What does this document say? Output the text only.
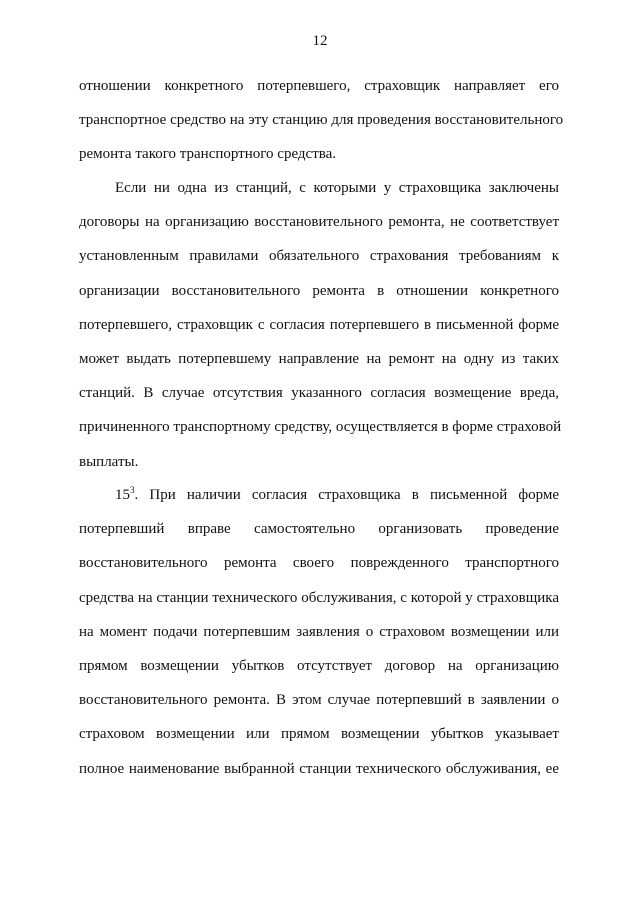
12
отношении конкретного потерпевшего, страховщик направляет его
транспортное средство на эту станцию для проведения восстановительного
ремонта такого транспортного средства.
Если ни одна из станций, с которыми у страховщика заключены
договоры на организацию восстановительного ремонта, не соответствует
установленным правилами обязательного страхования требованиям к
организации восстановительного ремонта в отношении конкретного
потерпевшего, страховщик с согласия потерпевшего в письменной форме
может выдать потерпевшему направление на ремонт на одну из таких
станций. В случае отсутствия указанного согласия возмещение вреда,
причиненного транспортному средству, осуществляется в форме страховой
выплаты.
$15^3$. При наличии согласия страховщика в письменной форме
потерпевший вправе самостоятельно организовать проведение
восстановительного ремонта своего поврежденного транспортного
средства на станции технического обслуживания, с которой у страховщика
на момент подачи потерпевшим заявления о страховом возмещении или
прямом возмещении убытков отсутствует договор на организацию
восстановительного ремонта. В этом случае потерпевший в заявлении о
страховом возмещении или прямом возмещении убытков указывает
полное наименование выбранной станции технического обслуживания, ее
